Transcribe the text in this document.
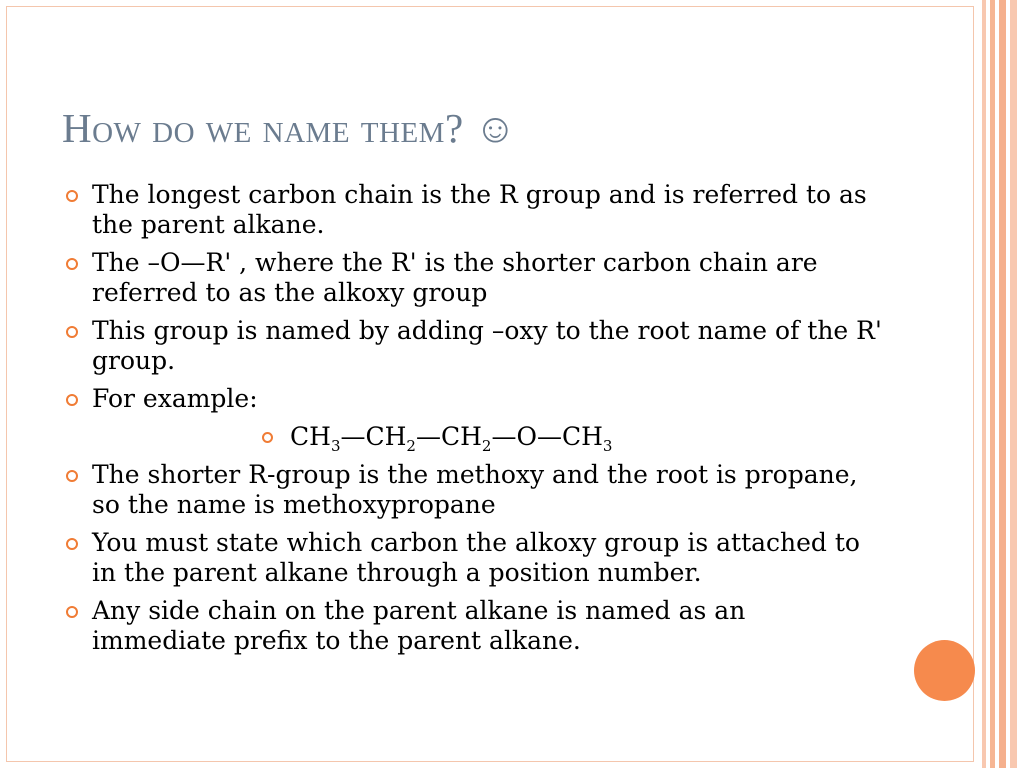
How do we name them? ☺
The longest carbon chain is the R group and is referred to as the parent alkane.
The –O—R' , where the R' is the shorter carbon chain are referred to as the alkoxy group
This group is named by adding –oxy to the root name of the R' group.
For example:
$CH_3—CH_2—CH_2—O—CH_3$
The shorter R-group is the methoxy and the root is propane, so the name is methoxypropane
You must state which carbon the alkoxy group is attached to in the parent alkane through a position number.
Any side chain on the parent alkane is named as an immediate prefix to the parent alkane.
